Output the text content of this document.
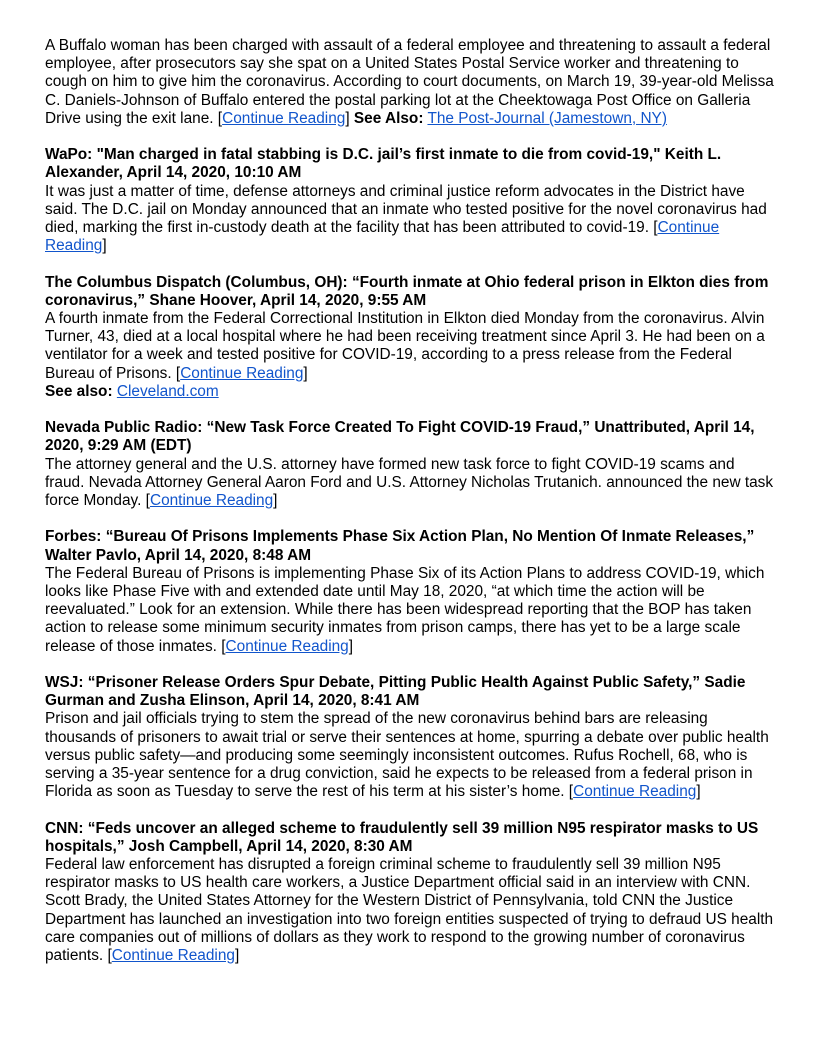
A Buffalo woman has been charged with assault of a federal employee and threatening to assault a federal employee, after prosecutors say she spat on a United States Postal Service worker and threatening to cough on him to give him the coronavirus. According to court documents, on March 19, 39-year-old Melissa C. Daniels-Johnson of Buffalo entered the postal parking lot at the Cheektowaga Post Office on Galleria Drive using the exit lane. [Continue Reading] See Also: The Post-Journal (Jamestown, NY)

WaPo: "Man charged in fatal stabbing is D.C. jail’s first inmate to die from covid-19," Keith L. Alexander, April 14, 2020, 10:10 AM

It was just a matter of time, defense attorneys and criminal justice reform advocates in the District have said. The D.C. jail on Monday announced that an inmate who tested positive for the novel coronavirus had died, marking the first in-custody death at the facility that has been attributed to covid-19. [Continue Reading]

The Columbus Dispatch (Columbus, OH): “Fourth inmate at Ohio federal prison in Elkton dies from coronavirus,” Shane Hoover, April 14, 2020, 9:55 AM

A fourth inmate from the Federal Correctional Institution in Elkton died Monday from the coronavirus. Alvin Turner, 43, died at a local hospital where he had been receiving treatment since April 3. He had been on a ventilator for a week and tested positive for COVID-19, according to a press release from the Federal Bureau of Prisons. [Continue Reading]

See also: Cleveland.com

Nevada Public Radio: “New Task Force Created To Fight COVID-19 Fraud,” Unattributed, April 14, 2020, 9:29 AM (EDT)

The attorney general and the U.S. attorney have formed new task force to fight COVID-19 scams and fraud. Nevada Attorney General Aaron Ford and U.S. Attorney Nicholas Trutanich. announced the new task force Monday. [Continue Reading]

Forbes: “Bureau Of Prisons Implements Phase Six Action Plan, No Mention Of Inmate Releases,” Walter Pavlo, April 14, 2020, 8:48 AM

The Federal Bureau of Prisons is implementing Phase Six of its Action Plans to address COVID-19, which looks like Phase Five with and extended date until May 18, 2020, “at which time the action will be reevaluated.” Look for an extension. While there has been widespread reporting that the BOP has taken action to release some minimum security inmates from prison camps, there has yet to be a large scale release of those inmates. [Continue Reading]

WSJ: “Prisoner Release Orders Spur Debate, Pitting Public Health Against Public Safety,” Sadie Gurman and Zusha Elinson, April 14, 2020, 8:41 AM

Prison and jail officials trying to stem the spread of the new coronavirus behind bars are releasing thousands of prisoners to await trial or serve their sentences at home, spurring a debate over public health versus public safety—and producing some seemingly inconsistent outcomes. Rufus Rochell, 68, who is serving a 35-year sentence for a drug conviction, said he expects to be released from a federal prison in Florida as soon as Tuesday to serve the rest of his term at his sister’s home. [Continue Reading]

CNN: “Feds uncover an alleged scheme to fraudulently sell 39 million N95 respirator masks to US hospitals,” Josh Campbell, April 14, 2020, 8:30 AM

Federal law enforcement has disrupted a foreign criminal scheme to fraudulently sell 39 million N95 respirator masks to US health care workers, a Justice Department official said in an interview with CNN. Scott Brady, the United States Attorney for the Western District of Pennsylvania, told CNN the Justice Department has launched an investigation into two foreign entities suspected of trying to defraud US health care companies out of millions of dollars as they work to respond to the growing number of coronavirus patients. [Continue Reading]
